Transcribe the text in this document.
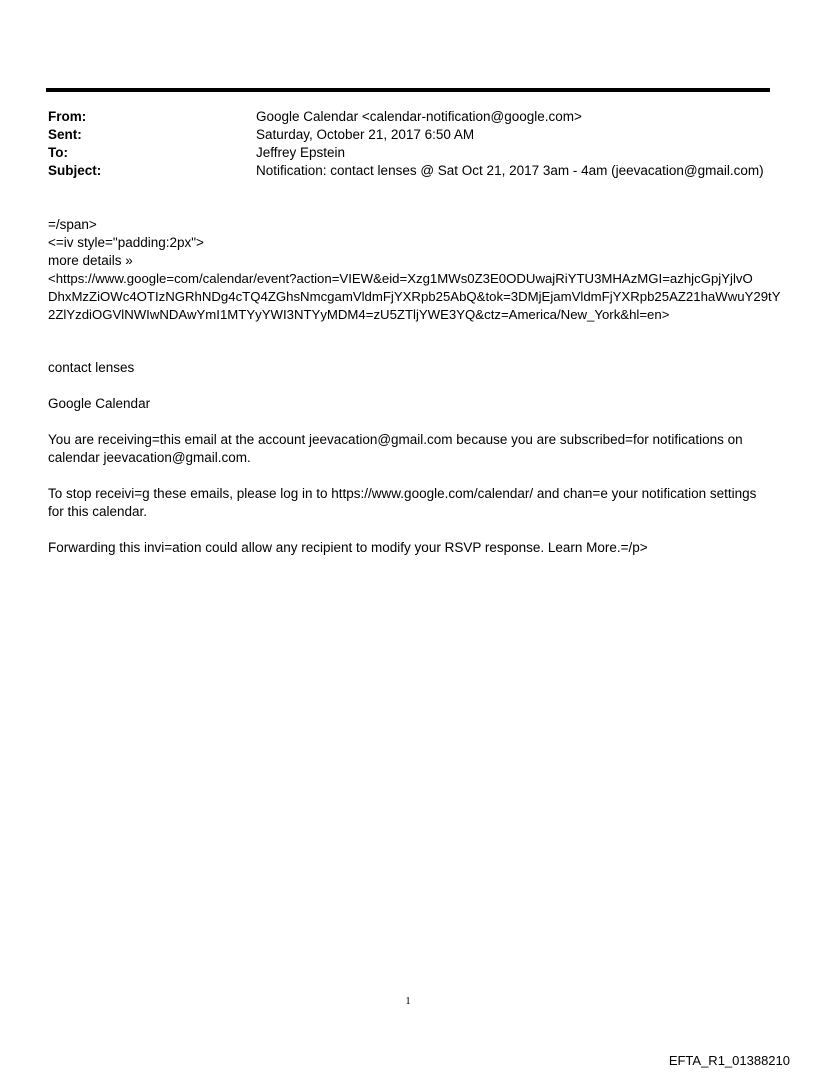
From:	Google Calendar <calendar-notification@google.com>
Sent:	Saturday, October 21, 2017 6:50 AM
To:	Jeffrey Epstein
Subject:	Notification: contact lenses @ Sat Oct 21, 2017 3am - 4am (jeevacation@gmail.com)
=/span>
<=iv style="padding:2px">
more details »
<https://www.google=com/calendar/event?action=VIEW&eid=Xzg1MWs0Z3E0ODUwajRiYTU3MHAzMGI=azhjcGpjYjlvO
DhxMzZiOWc4OTIzNGRhNDg4cTQ4ZGhsNmcgamVldmFjYXRpb25AbQ&tok=3DMjEjamVldmFjYXRpb25AZ21haWwuY29tY
2ZlYzdiOGVlNWIwNDAwYmI1MTYyYWI3NTYyMDM4=zU5ZTljYWE3YQ&ctz=America/New_York&hl=en>
contact lenses
Google Calendar
You are receiving=this email at the account jeevacation@gmail.com because you are subscribed=for notifications on calendar jeevacation@gmail.com.
To stop receivi=g these emails, please log in to https://www.google.com/calendar/ and chan=e your notification settings for this calendar.
Forwarding this invi=ation could allow any recipient to modify your RSVP response. Learn More.=/p>
1
EFTA_R1_01388210
